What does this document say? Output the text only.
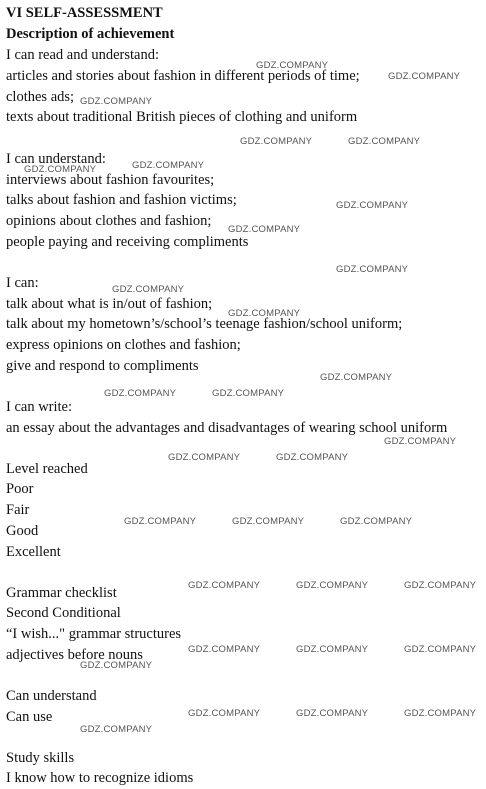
VI SELF-ASSESSMENT
Description of achievement
I can read and understand:
articles and stories about fashion in different periods of time;
clothes ads;
texts about traditional British pieces of clothing and uniform
I can understand:
interviews about fashion favourites;
talks about fashion and fashion victims;
opinions about clothes and fashion;
people paying and receiving compliments
I can:
talk about what is in/out of fashion;
talk about my hometown’s/school’s teenage fashion/school uniform;
express opinions on clothes and fashion;
give and respond to compliments
I can write:
an essay about the advantages and disadvantages of wearing school uniform
Level reached
Poor
Fair
Good
Excellent
Grammar checklist
Second Conditional
“I wish..." grammar structures
adjectives before nouns
Can understand
Can use
Study skills
I know how to recognize idioms
GDZ.COMPANY
GDZ.COMPANY
GDZ.COMPANY
GDZ.COMPANY	GDZ.COMPANY
GDZ.COMPANY
GDZ.COMPANY
GDZ.COMPANY
GDZ.COMPANY
GDZ.COMPANY
GDZ.COMPANY
GDZ.COMPANY
GDZ.COMPANY
GDZ.COMPANY	GDZ.COMPANY
GDZ.COMPANY
GDZ.COMPANY	GDZ.COMPANY
GDZ.COMPANY	GDZ.COMPANY	GDZ.COMPANY
GDZ.COMPANY	GDZ.COMPANY	GDZ.COMPANY
GDZ.COMPANY	GDZ.COMPANY	GDZ.COMPANY
GDZ.COMPANY
GDZ.COMPANY	GDZ.COMPANY	GDZ.COMPANY
GDZ.COMPANY
